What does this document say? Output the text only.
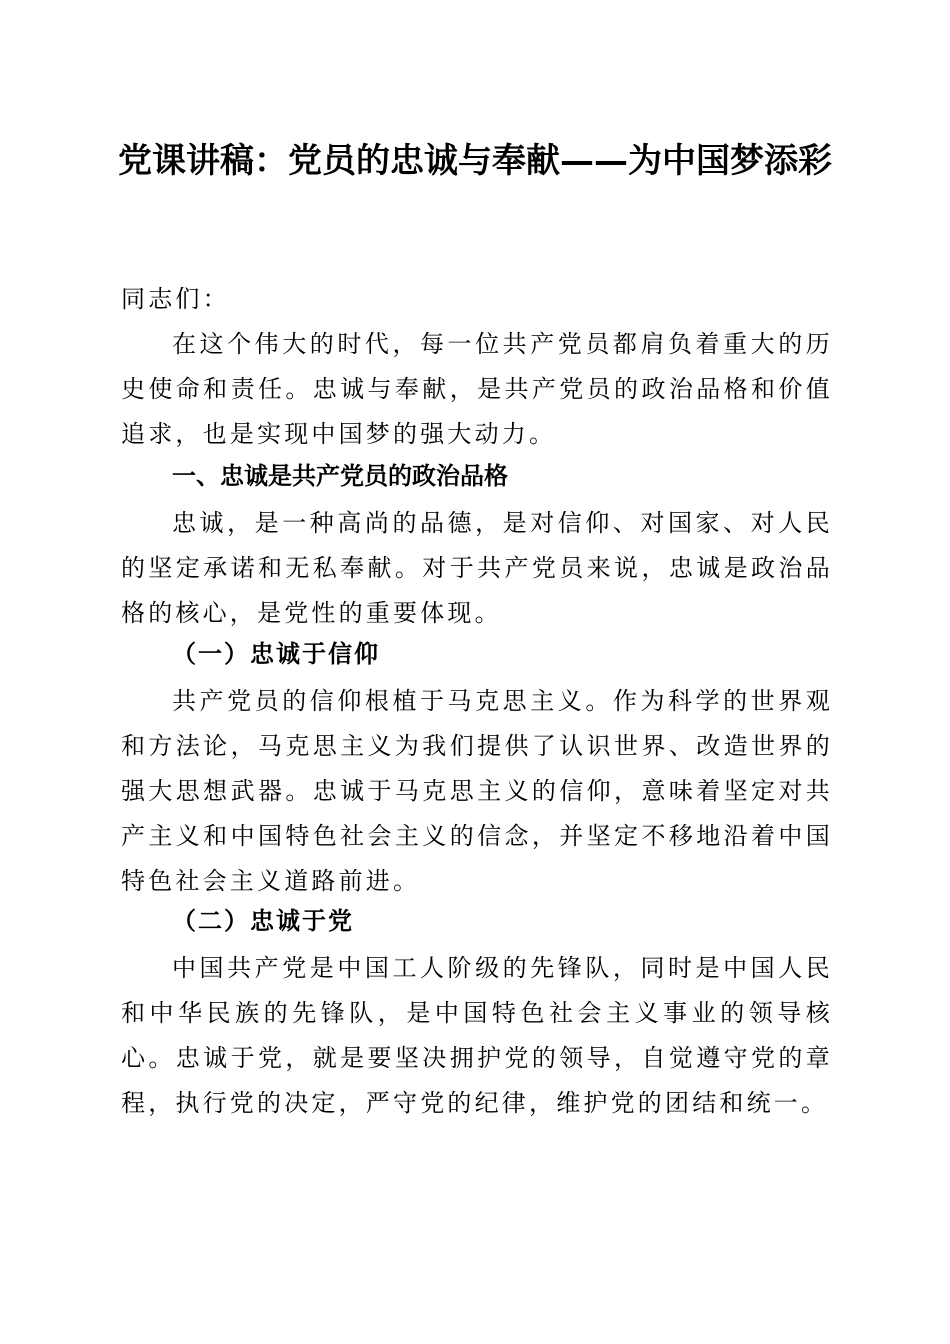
党课讲稿：党员的忠诚与奉献——为中国梦添彩

同志们：

在这个伟大的时代，每一位共产党员都肩负着重大的历史使命和责任。忠诚与奉献，是共产党员的政治品格和价值追求，也是实现中国梦的强大动力。

一、忠诚是共产党员的政治品格

忠诚，是一种高尚的品德，是对信仰、对国家、对人民的坚定承诺和无私奉献。对于共产党员来说，忠诚是政治品格的核心，是党性的重要体现。

（一）忠诚于信仰

共产党员的信仰根植于马克思主义。作为科学的世界观和方法论，马克思主义为我们提供了认识世界、改造世界的强大思想武器。忠诚于马克思主义的信仰，意味着坚定对共产主义和中国特色社会主义的信念，并坚定不移地沿着中国特色社会主义道路前进。

（二）忠诚于党

中国共产党是中国工人阶级的先锋队，同时是中国人民和中华民族的先锋队，是中国特色社会主义事业的领导核心。忠诚于党，就是要坚决拥护党的领导，自觉遵守党的章程，执行党的决定，严守党的纪律，维护党的团结和统一。
